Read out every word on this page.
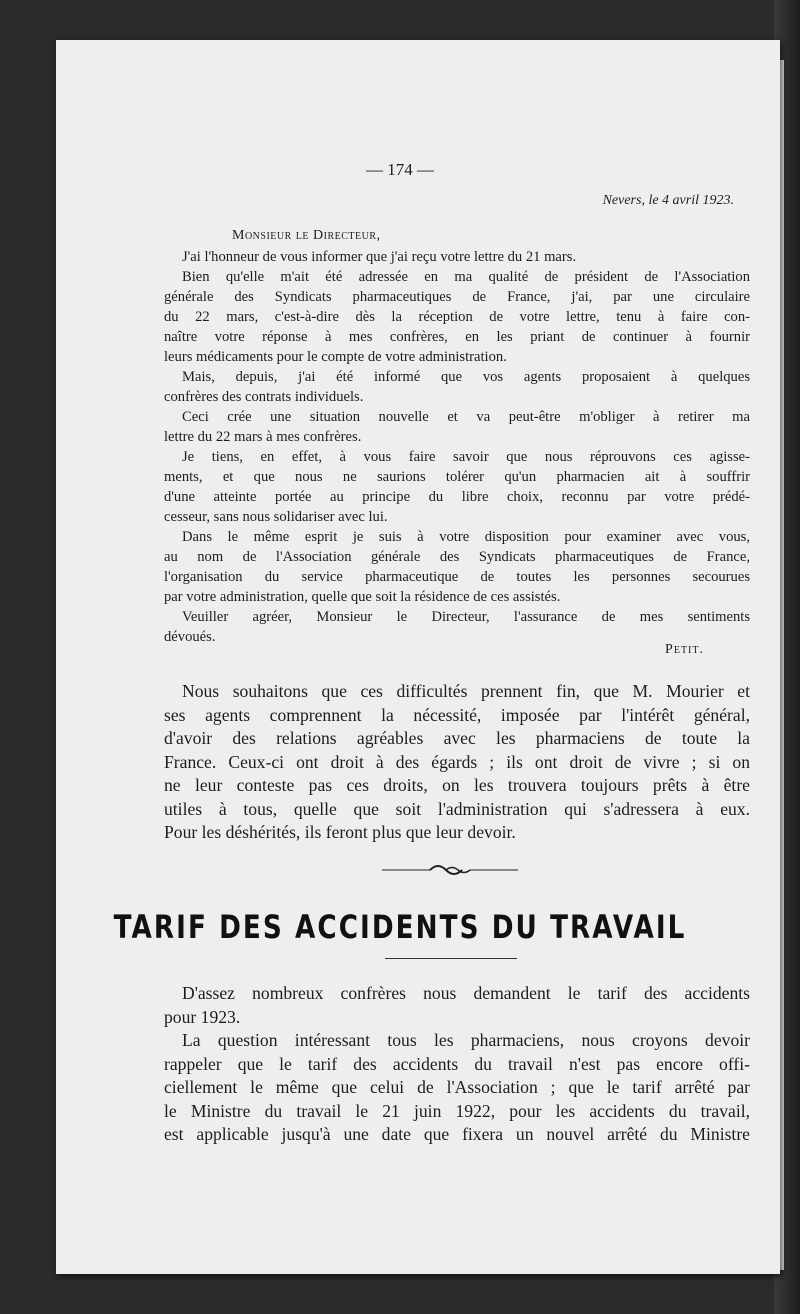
— 174 —
Nevers, le 4 avril 1923.
Monsieur le Directeur,
J'ai l'honneur de vous informer que j'ai reçu votre lettre du 21 mars.
Bien qu'elle m'ait été adressée en ma qualité de président de l'Association
générale des Syndicats pharmaceutiques de France, j'ai, par une circulaire
du 22 mars, c'est-à-dire dès la réception de votre lettre, tenu à faire con-
naître votre réponse à mes confrères, en les priant de continuer à fournir
leurs médicaments pour le compte de votre administration.
Mais, depuis, j'ai été informé que vos agents proposaient à quelques
confrères des contrats individuels.
Ceci crée une situation nouvelle et va peut-être m'obliger à retirer ma
lettre du 22 mars à mes confrères.
Je tiens, en effet, à vous faire savoir que nous réprouvons ces agisse-
ments, et que nous ne saurions tolérer qu'un pharmacien ait à souffrir
d'une atteinte portée au principe du libre choix, reconnu par votre prédé-
cesseur, sans nous solidariser avec lui.
Dans le même esprit je suis à votre disposition pour examiner avec vous,
au nom de l'Association générale des Syndicats pharmaceutiques de France,
l'organisation du service pharmaceutique de toutes les personnes secourues
par votre administration, quelle que soit la résidence de ces assistés.
Veuiller agréer, Monsieur le Directeur, l'assurance de mes sentiments
dévoués.
Petit.
Nous souhaitons que ces difficultés prennent fin, que M. Mourier et
ses agents comprennent la nécessité, imposée par l'intérêt général,
d'avoir des relations agréables avec les pharmaciens de toute la
France. Ceux-ci ont droit à des égards ; ils ont droit de vivre ; si on
ne leur conteste pas ces droits, on les trouvera toujours prêts à être
utiles à tous, quelle que soit l'administration qui s'adressera à eux.
Pour les déshérités, ils feront plus que leur devoir.
TARIF DES ACCIDENTS DU TRAVAIL
D'assez nombreux confrères nous demandent le tarif des accidents
pour 1923.
La question intéressant tous les pharmaciens, nous croyons devoir
rappeler que le tarif des accidents du travail n'est pas encore offi-
ciellement le même que celui de l'Association ; que le tarif arrêté par
le Ministre du travail le 21 juin 1922, pour les accidents du travail,
est applicable jusqu'à une date que fixera un nouvel arrêté du Ministre
